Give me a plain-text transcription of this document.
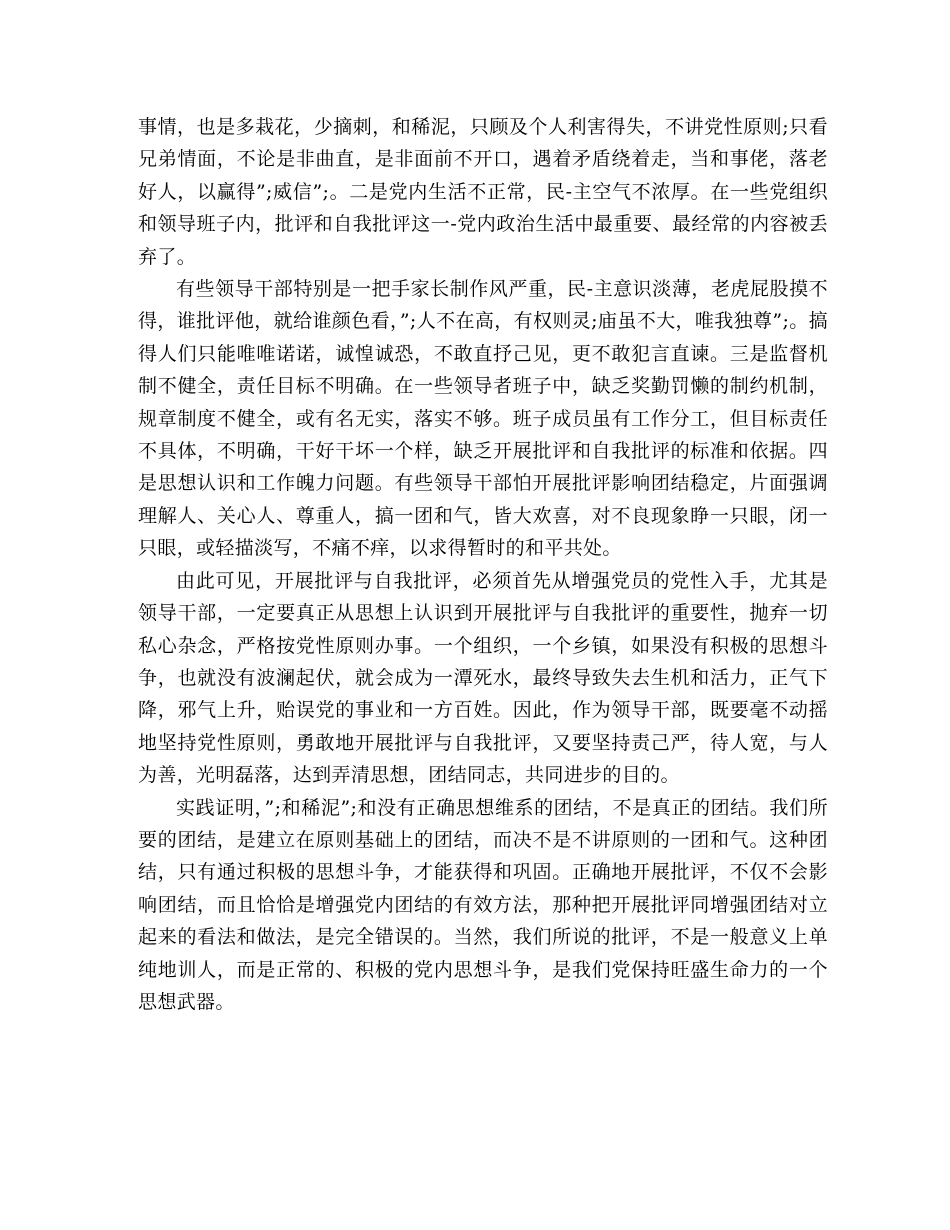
事情，也是多栽花，少摘刺，和稀泥，只顾及个人利害得失，不讲党性原则;只看兄弟情面，不论是非曲直，是非面前不开口，遇着矛盾绕着走，当和事佬，落老好人，以赢得”;威信”;。二是党内生活不正常，民-主空气不浓厚。在一些党组织和领导班子内，批评和自我批评这一-党内政治生活中最重要、最经常的内容被丢弃了。

有些领导干部特别是一把手家长制作风严重，民-主意识淡薄，老虎屁股摸不得，谁批评他，就给谁颜色看，”;人不在高，有权则灵;庙虽不大，唯我独尊”;。搞得人们只能唯唯诺诺，诚惶诚恐，不敢直抒己见，更不敢犯言直谏。三是监督机制不健全，责任目标不明确。在一些领导者班子中，缺乏奖勤罚懒的制约机制，规章制度不健全，或有名无实，落实不够。班子成员虽有工作分工，但目标责任不具体，不明确，干好干坏一个样，缺乏开展批评和自我批评的标准和依据。四是思想认识和工作魄力问题。有些领导干部怕开展批评影响团结稳定，片面强调理解人、关心人、尊重人，搞一团和气，皆大欢喜，对不良现象睁一只眼，闭一只眼，或轻描淡写，不痛不痒，以求得暂时的和平共处。

由此可见，开展批评与自我批评，必须首先从增强党员的党性入手，尤其是领导干部，一定要真正从思想上认识到开展批评与自我批评的重要性，抛弃一切私心杂念，严格按党性原则办事。一个组织，一个乡镇，如果没有积极的思想斗争，也就没有波澜起伏，就会成为一潭死水，最终导致失去生机和活力，正气下降，邪气上升，贻误党的事业和一方百姓。因此，作为领导干部，既要毫不动摇地坚持党性原则，勇敢地开展批评与自我批评，又要坚持责己严，待人宽，与人为善，光明磊落，达到弄清思想，团结同志，共同进步的目的。

实践证明，”;和稀泥”;和没有正确思想维系的团结，不是真正的团结。我们所要的团结，是建立在原则基础上的团结，而决不是不讲原则的一团和气。这种团结，只有通过积极的思想斗争，才能获得和巩固。正确地开展批评，不仅不会影响团结，而且恰恰是增强党内团结的有效方法，那种把开展批评同增强团结对立起来的看法和做法，是完全错误的。当然，我们所说的批评，不是一般意义上单纯地训人，而是正常的、积极的党内思想斗争，是我们党保持旺盛生命力的一个思想武器。
